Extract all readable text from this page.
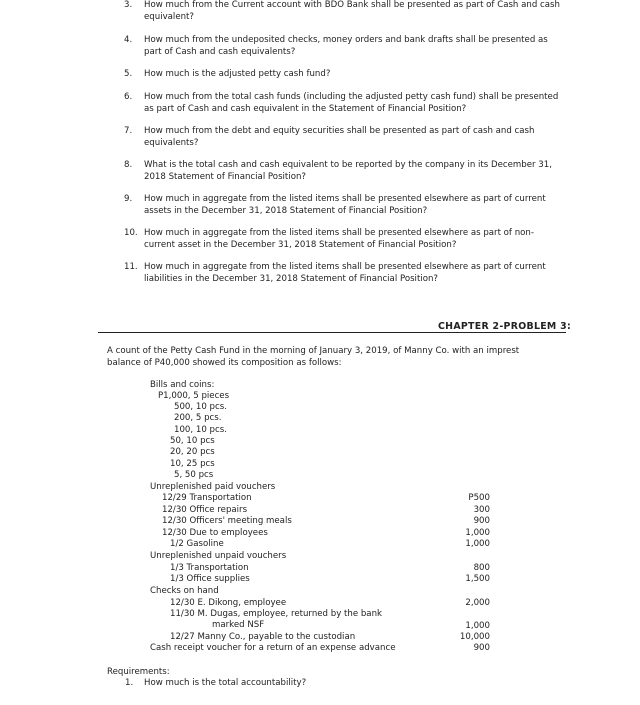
3. How much from the Current account with BDO Bank shall be presented as part of Cash and cash equivalent?
4. How much from the undeposited checks, money orders and bank drafts shall be presented as part of Cash and cash equivalents?
5. How much is the adjusted petty cash fund?
6. How much from the total cash funds (including the adjusted petty cash fund) shall be presented as part of Cash and cash equivalent in the Statement of Financial Position?
7. How much from the debt and equity securities shall be presented as part of cash and cash equivalents?
8. What is the total cash and cash equivalent to be reported by the company in its December 31, 2018 Statement of Financial Position?
9. How much in aggregate from the listed items shall be presented elsewhere as part of current assets in the December 31, 2018 Statement of Financial Position?
10. How much in aggregate from the listed items shall be presented elsewhere as part of non-current asset in the December 31, 2018 Statement of Financial Position?
11. How much in aggregate from the listed items shall be presented elsewhere as part of current liabilities in the December 31, 2018 Statement of Financial Position?
CHAPTER 2-PROBLEM 3:
A count of the Petty Cash Fund in the morning of January 3, 2019, of Manny Co. with an imprest balance of P40,000 showed its composition as follows:
Bills and coins:
P1,000, 5 pieces
500, 10 pcs.
200, 5 pcs.
100, 10 pcs.
50, 10 pcs
20, 20 pcs
10, 25 pcs
5, 50 pcs
Unreplenished paid vouchers
12/29 Transportation	P500
12/30 Office repairs	300
12/30 Officers' meeting meals	900
12/30 Due to employees	1,000
1/2 Gasoline	1,000
Unreplenished unpaid vouchers
1/3 Transportation	800
1/3 Office supplies	1,500
Checks on hand
12/30 E. Dikong, employee	2,000
11/30 M. Dugas, employee, returned by the bank
marked NSF	1,000
12/27 Manny Co., payable to the custodian	10,000
Cash receipt voucher for a return of an expense advance	900
Requirements:
1. How much is the total accountability?
